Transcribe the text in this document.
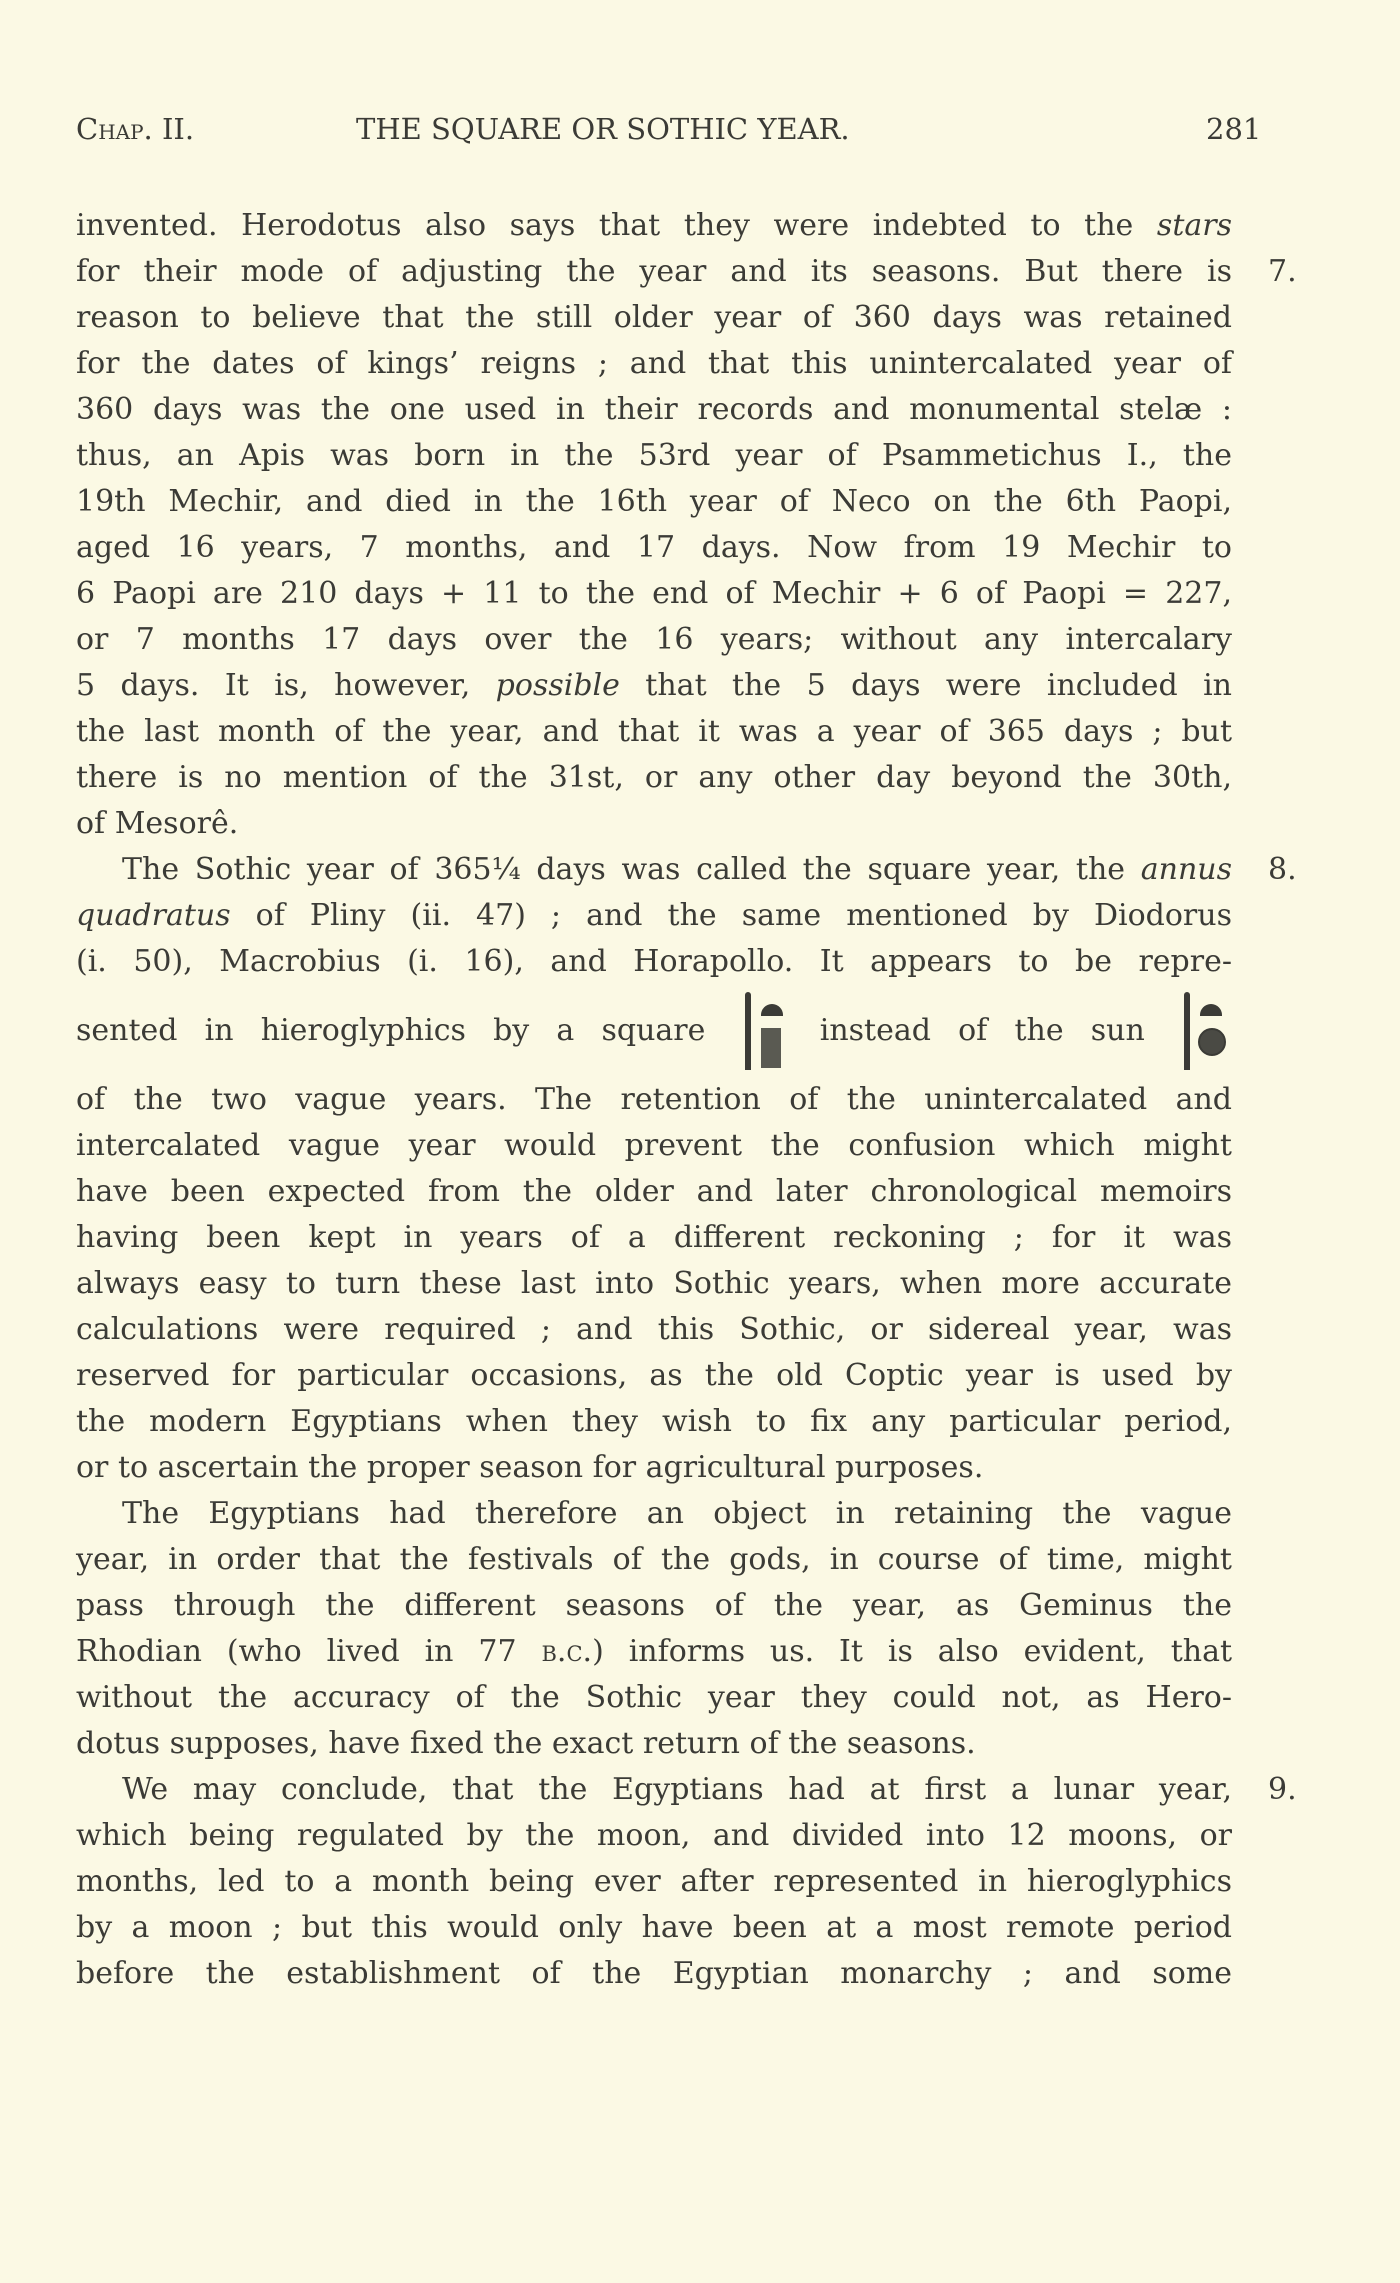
Chap. II.	THE SQUARE OR SOTHIC YEAR.	281
invented. Herodotus also says that they were indebted to the stars
for their mode of adjusting the year and its seasons. But there is 7.
reason to believe that the still older year of 360 days was retained
for the dates of kings’ reigns ; and that this unintercalated year of
360 days was the one used in their records and monumental stelæ :
thus, an Apis was born in the 53rd year of Psammetichus I., the
19th Mechir, and died in the 16th year of Neco on the 6th Paopi,
aged 16 years, 7 months, and 17 days. Now from 19 Mechir to
6 Paopi are 210 days + 11 to the end of Mechir + 6 of Paopi = 227,
or 7 months 17 days over the 16 years; without any intercalary
5 days. It is, however, possible that the 5 days were included in
the last month of the year, and that it was a year of 365 days ; but
there is no mention of the 31st, or any other day beyond the 30th,
of Mesorê.
The Sothic year of 365¼ days was called the square year, the annus 8.
quadratus of Pliny (ii. 47) ; and the same mentioned by Diodorus
(i. 50), Macrobius (i. 16), and Horapollo. It appears to be repre-
sented in hieroglyphics by a square
instead of the sun
of the two vague years. The retention of the unintercalated and
intercalated vague year would prevent the confusion which might
have been expected from the older and later chronological memoirs
having been kept in years of a different reckoning ; for it was
always easy to turn these last into Sothic years, when more accurate
calculations were required ; and this Sothic, or sidereal year, was
reserved for particular occasions, as the old Coptic year is used by
the modern Egyptians when they wish to fix any particular period,
or to ascertain the proper season for agricultural purposes.
The Egyptians had therefore an object in retaining the vague
year, in order that the festivals of the gods, in course of time, might
pass through the different seasons of the year, as Geminus the
Rhodian (who lived in 77 b.c.) informs us. It is also evident, that
without the accuracy of the Sothic year they could not, as Hero-
dotus supposes, have fixed the exact return of the seasons.
We may conclude, that the Egyptians had at first a lunar year, 9.
which being regulated by the moon, and divided into 12 moons, or
months, led to a month being ever after represented in hieroglyphics
by a moon ; but this would only have been at a most remote period
before the establishment of the Egyptian monarchy ; and some
